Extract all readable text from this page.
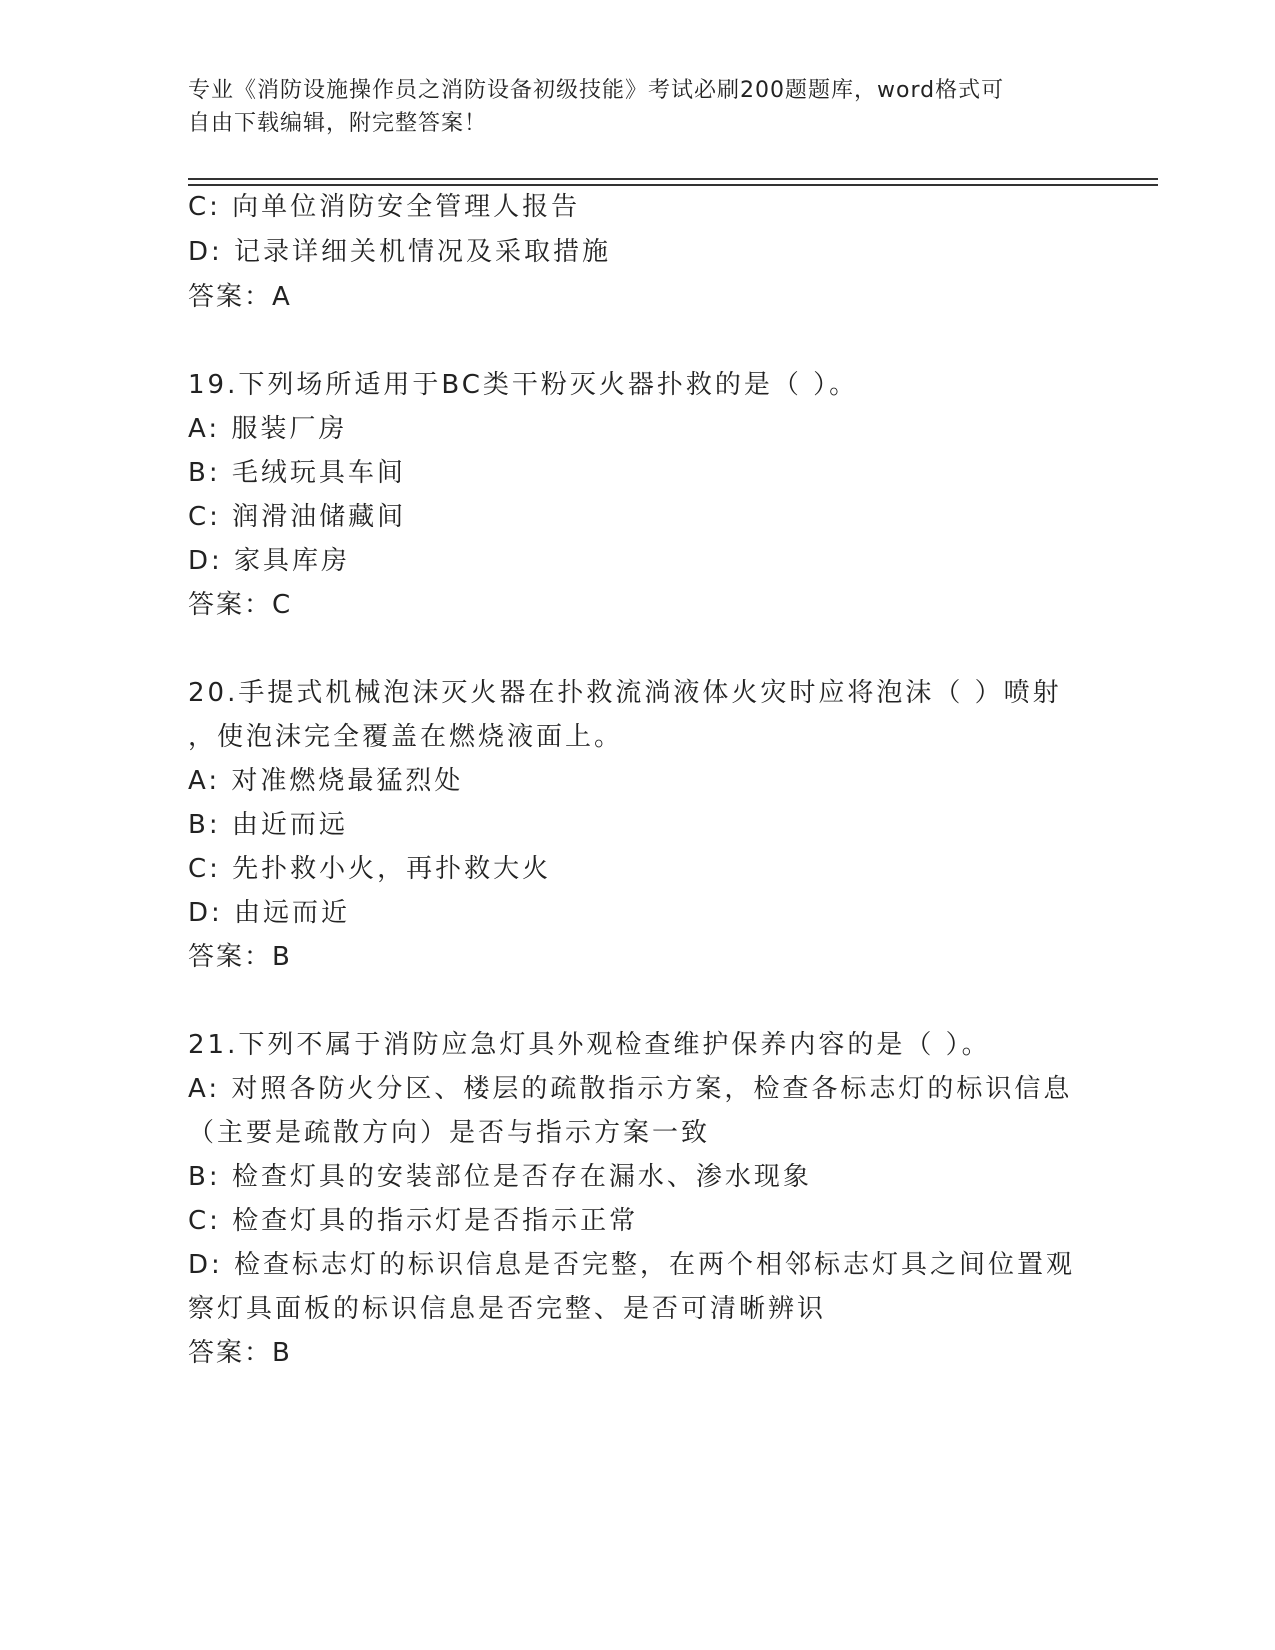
专业《消防设施操作员之消防设备初级技能》考试必刷200题题库，word格式可
自由下载编辑，附完整答案！
C: 向单位消防安全管理人报告
D: 记录详细关机情况及采取措施
答案：A
19.下列场所适用于BC类干粉灭火器扑救的是（ ）。
A: 服装厂房
B: 毛绒玩具车间
C: 润滑油储藏间
D: 家具库房
答案：C
20.手提式机械泡沫灭火器在扑救流淌液体火灾时应将泡沫（ ）喷射
，使泡沫完全覆盖在燃烧液面上。
A: 对准燃烧最猛烈处
B: 由近而远
C: 先扑救小火，再扑救大火
D: 由远而近
答案：B
21.下列不属于消防应急灯具外观检查维护保养内容的是（ ）。
A: 对照各防火分区、楼层的疏散指示方案，检查各标志灯的标识信息
（主要是疏散方向）是否与指示方案一致
B: 检查灯具的安装部位是否存在漏水、渗水现象
C: 检查灯具的指示灯是否指示正常
D: 检查标志灯的标识信息是否完整，在两个相邻标志灯具之间位置观
察灯具面板的标识信息是否完整、是否可清晰辨识
答案：B
